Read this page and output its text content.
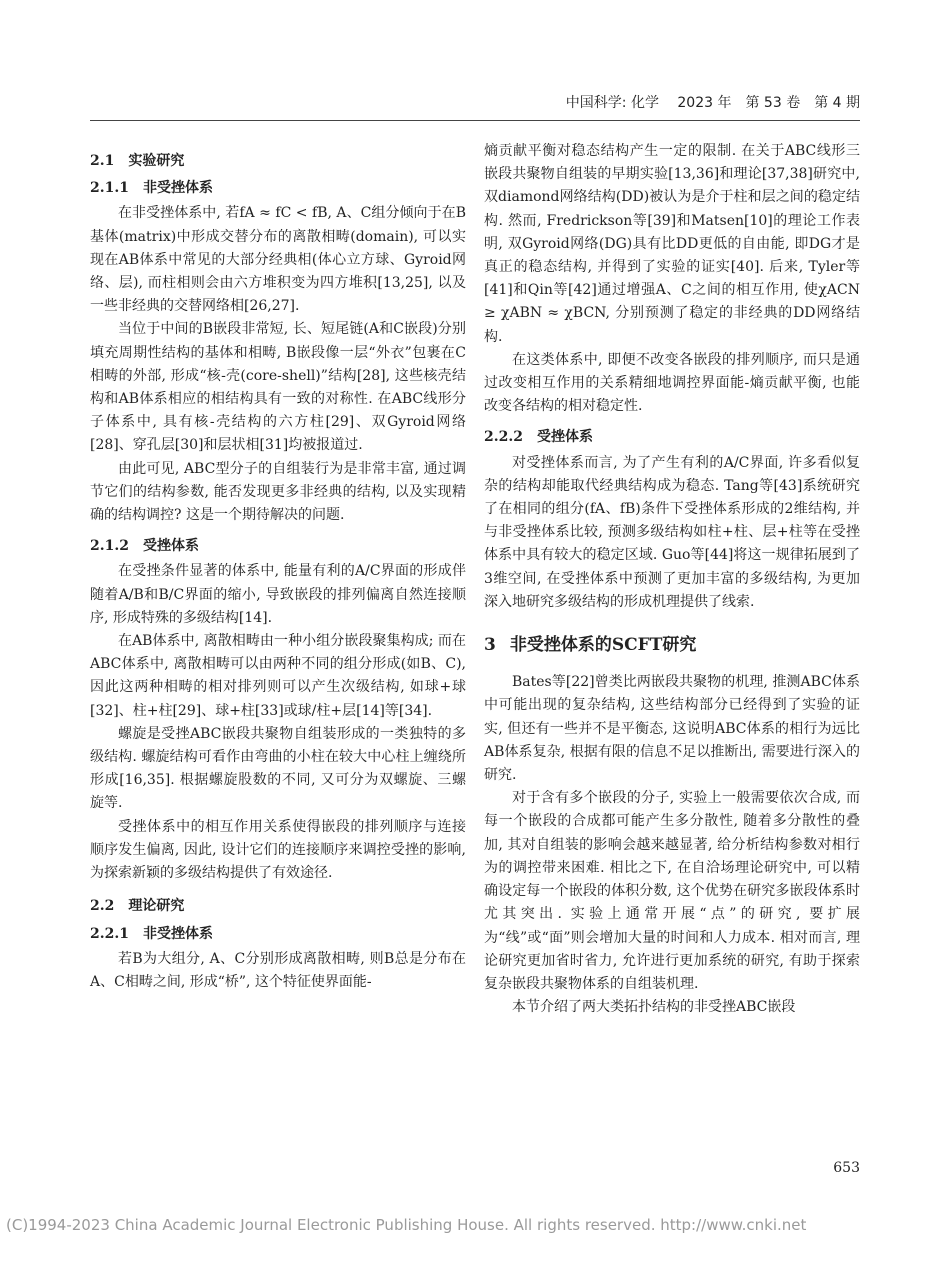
中国科学: 化学　 2023 年　第 53 卷　第 4 期
2.1 实验研究
2.1.1 非受挫体系

在非受挫体系中, 若fA ≈ fC < fB, A、C组分倾向于在B基体(matrix)中形成交替分布的离散相畴(domain), 可以实现在AB体系中常见的大部分经典相(体心立方球、Gyroid网络、层), 而柱相则会由六方堆积变为四方堆积[13,25], 以及一些非经典的交替网络相[26,27].

当位于中间的B嵌段非常短, 长、短尾链(A和C嵌段)分别填充周期性结构的基体和相畴, B嵌段像一层“外衣”包裹在C相畴的外部, 形成“核-壳(core-shell)”结构[28], 这些核壳结构和AB体系相应的相结构具有一致的对称性. 在ABC线形分子体系中, 具有核-壳结构的六方柱[29]、双Gyroid网络[28]、穿孔层[30]和层状相[31]均被报道过.

由此可见, ABC型分子的自组装行为是非常丰富, 通过调节它们的结构参数, 能否发现更多非经典的结构, 以及实现精确的结构调控? 这是一个期待解决的问题.

2.1.2 受挫体系

在受挫条件显著的体系中, 能量有利的A/C界面的形成伴随着A/B和B/C界面的缩小, 导致嵌段的排列偏离自然连接顺序, 形成特殊的多级结构[14].

在AB体系中, 离散相畴由一种小组分嵌段聚集构成; 而在ABC体系中, 离散相畴可以由两种不同的组分形成(如B、C), 因此这两种相畴的相对排列则可以产生次级结构, 如球+球[32]、柱+柱[29]、球+柱[33]或球/柱+层[14]等[34].

螺旋是受挫ABC嵌段共聚物自组装形成的一类独特的多级结构. 螺旋结构可看作由弯曲的小柱在较大中心柱上缠绕所形成[16,35]. 根据螺旋股数的不同, 又可分为双螺旋、三螺旋等.

受挫体系中的相互作用关系使得嵌段的排列顺序与连接顺序发生偏离, 因此, 设计它们的连接顺序来调控受挫的影响, 为探索新颖的多级结构提供了有效途径.

2.2 理论研究
2.2.1 非受挫体系

若B为大组分, A、C分别形成离散相畴, 则B总是分布在A、C相畴之间, 形成“桥”, 这个特征使界面能-

熵贡献平衡对稳态结构产生一定的限制. 在关于ABC线形三嵌段共聚物自组装的早期实验[13,36]和理论[37,38]研究中, 双diamond网络结构(DD)被认为是介于柱和层之间的稳定结构. 然而, Fredrickson等[39]和Matsen[10]的理论工作表明, 双Gyroid网络(DG)具有比DD更低的自由能, 即DG才是真正的稳态结构, 并得到了实验的证实[40]. 后来, Tyler等[41]和Qin等[42]通过增强A、C之间的相互作用, 使χACN ≥ χABN ≈ χBCN, 分别预测了稳定的非经典的DD网络结构.

在这类体系中, 即便不改变各嵌段的排列顺序, 而只是通过改变相互作用的关系精细地调控界面能-熵贡献平衡, 也能改变各结构的相对稳定性.

2.2.2 受挫体系

对受挫体系而言, 为了产生有利的A/C界面, 许多看似复杂的结构却能取代经典结构成为稳态. Tang等[43]系统研究了在相同的组分(fA、fB)条件下受挫体系形成的2维结构, 并与非受挫体系比较, 预测多级结构如柱+柱、层+柱等在受挫体系中具有较大的稳定区域. Guo等[44]将这一规律拓展到了3维空间, 在受挫体系中预测了更加丰富的多级结构, 为更加深入地研究多级结构的形成机理提供了线索.

3 非受挫体系的SCFT研究

Bates等[22]曾类比两嵌段共聚物的机理, 推测ABC体系中可能出现的复杂结构, 这些结构部分已经得到了实验的证实, 但还有一些并不是平衡态, 这说明ABC体系的相行为远比AB体系复杂, 根据有限的信息不足以推断出, 需要进行深入的研究.

对于含有多个嵌段的分子, 实验上一般需要依次合成, 而每一个嵌段的合成都可能产生多分散性, 随着多分散性的叠加, 其对自组装的影响会越来越显著, 给分析结构参数对相行为的调控带来困难. 相比之下, 在自洽场理论研究中, 可以精确设定每一个嵌段的体积分数, 这个优势在研究多嵌段体系时尤其突出. 实验上通常开展“点”的研究, 要扩展为“线”或“面”则会增加大量的时间和人力成本. 相对而言, 理论研究更加省时省力, 允许进行更加系统的研究, 有助于探索复杂嵌段共聚物体系的自组装机理.

本节介绍了两大类拓扑结构的非受挫ABC嵌段

653
(C)1994-2023 China Academic Journal Electronic Publishing House. All rights reserved. http://www.cnki.net
